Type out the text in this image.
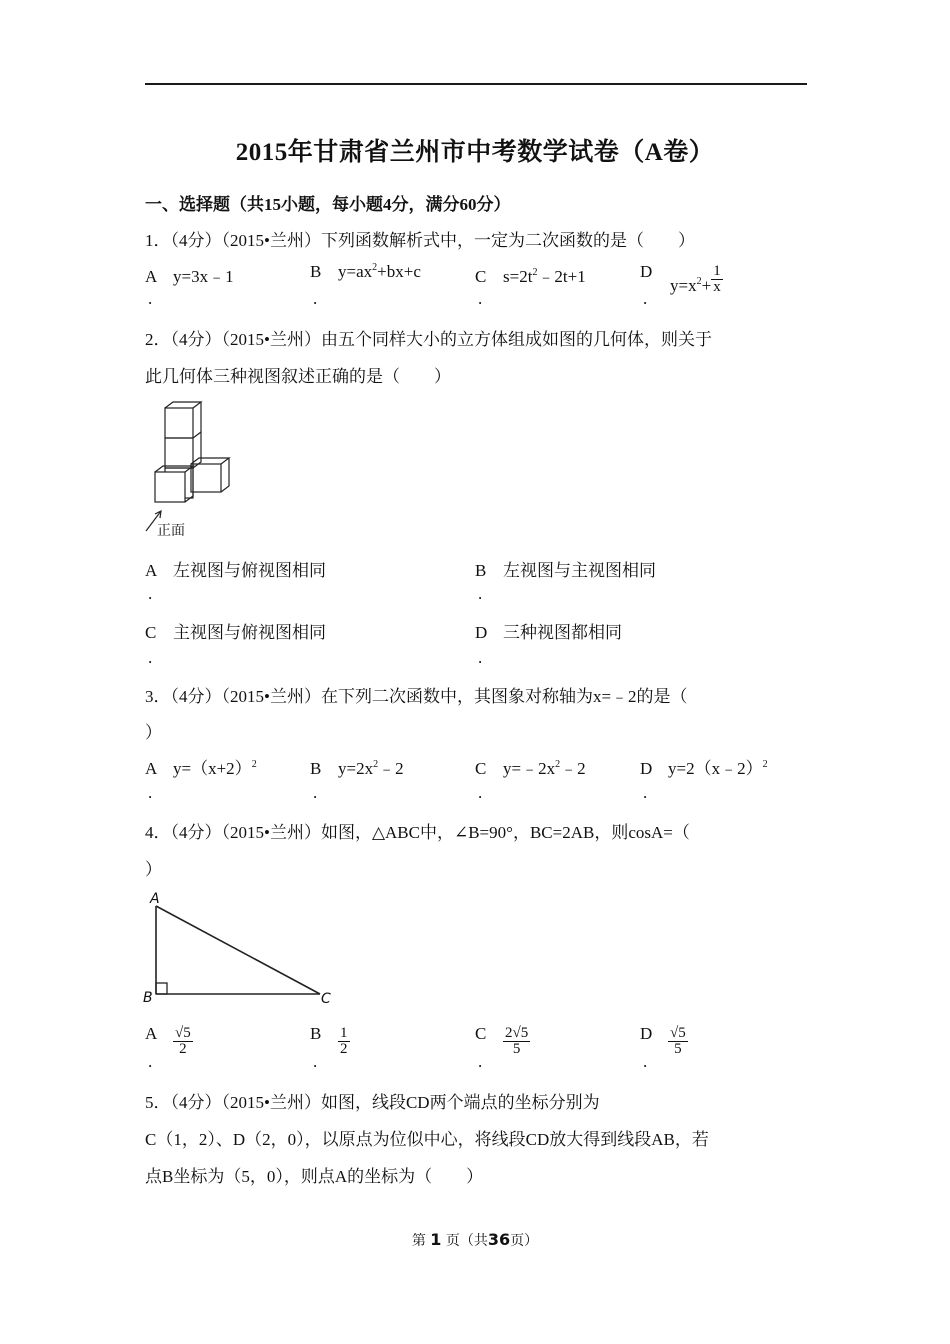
2015年甘肃省兰州市中考数学试卷（A卷）
一、选择题（共15小题，每小题4分，满分60分）
1．（4分）（2015•兰州）下列函数解析式中，一定为二次函数的是（　　）
A y=3x﹣1	B $y=ax^2+bx+c$	C $s=2t^2﹣2t+1$	D
$y=x^2+ \frac{1}{x}$
.	.	.	.
2．（4分）（2015•兰州）由五个同样大小的立方体组成如图的几何体，则关于
此几何体三种视图叙述正确的是（　　）
正面
A 左视图与俯视图相同	B 左视图与主视图相同
.	.
C 主视图与俯视图相同	D 三种视图都相同
.	.
3．（4分）（2015•兰州）在下列二次函数中，其图象对称轴为x=﹣2的是（
）
A $y=(x+2)^2$	B $y=2x^2﹣2$	C $y=﹣2x^2﹣2$	D y=2（x﹣2）$^2$
.	.	.	.
4．（4分）（2015•兰州）如图，△ABC中，∠B=90°，BC=2AB，则cosA=（
）
A
B	C
A $\frac{√5}{2}$	B $\frac{1}{2}$	C $\frac{2√5}{5}$	D $\frac{√5}{5}$
.	.	.	.
5．（4分）（2015•兰州）如图，线段CD两个端点的坐标分别为
C（1，2）、D（2，0），以原点为位似中心，将线段CD放大得到线段AB，若
点B坐标为（5，0），则点A的坐标为（　　）
第 1 页（共36页）
